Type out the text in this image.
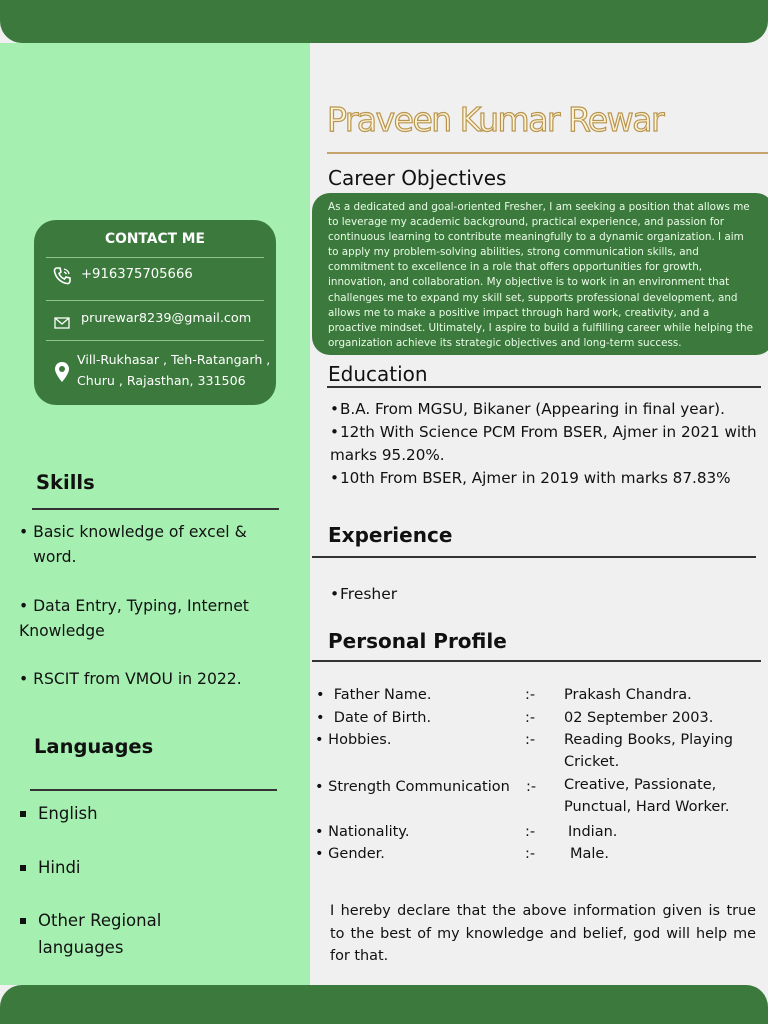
Praveen Kumar Rewar
Career Objectives

As a dedicated and goal-oriented Fresher, I am seeking a position that allows me to leverage my academic background, practical experience, and passion for continuous learning to contribute meaningfully to a dynamic organization. I aim to apply my problem-solving abilities, strong communication skills, and commitment to excellence in a role that offers opportunities for growth, innovation, and collaboration. My objective is to work in an environment that challenges me to expand my skill set, supports professional development, and allows me to make a positive impact through hard work, creativity, and a proactive mindset. Ultimately, I aspire to build a fulfilling career while helping the organization achieve its strategic objectives and long-term success.

Education
•B.A. From MGSU, Bikaner (Appearing in final year).
•12th With Science PCM From BSER, Ajmer in 2021 with marks 95.20%.
•10th From BSER, Ajmer in 2019 with marks 87.83%
Experience
•Fresher
Personal Profile
•  Father Name.	:- Prakash Chandra.
•  Date of Birth.	:- 02 September 2003.
• Hobbies.	:- Reading Books, Playing Cricket.
• Strength Communication :- Creative, Passionate, Punctual, Hard Worker.
• Nationality.	:- Indian.
• Gender.	:- Male.

I hereby declare that the above information given is true to the best of my knowledge and belief, god will help me for that.

CONTACT ME
+916375705666
prurewar8239@gmail.com
Vill-Rukhasar , Teh-Ratangarh , Churu , Rajasthan, 331506
Skills
• Basic knowledge of excel & word.
• Data Entry, Typing, Internet Knowledge
• RSCIT from VMOU in 2022.
Languages
English
Hindi
Other Regional languages
